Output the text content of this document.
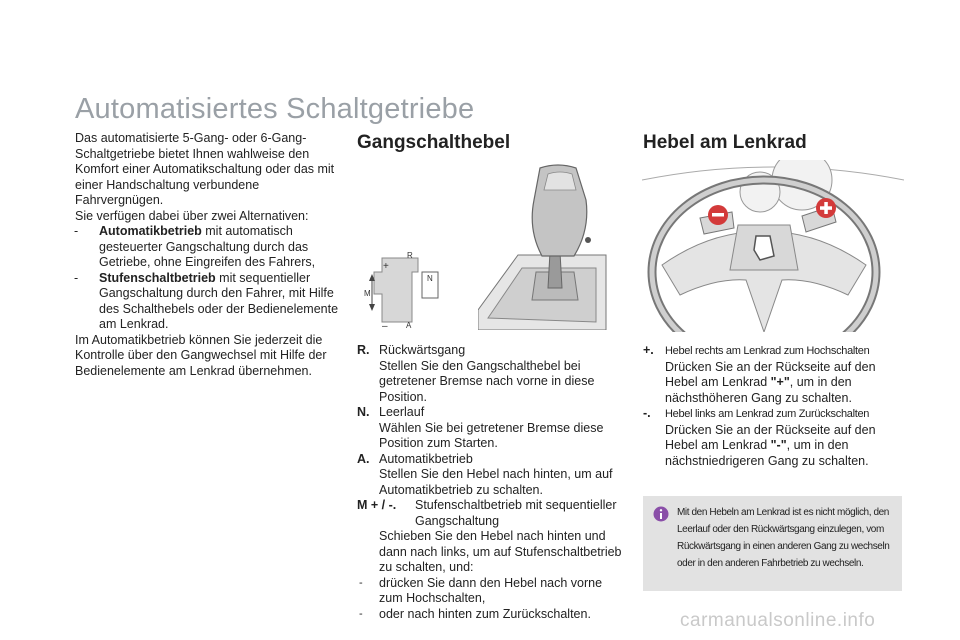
Automatisiertes Schaltgetriebe

Das automatisierte 5-Gang- oder 6-Gang-Schaltgetriebe bietet Ihnen wahlweise den Komfort einer Automatikschaltung oder das mit einer Handschaltung verbundene Fahrvergnügen.

Sie verfügen dabei über zwei Alternativen:

- Automatikbetrieb mit automatisch gesteuerter Gangschaltung durch das Getriebe, ohne Eingreifen des Fahrers,

- Stufenschaltbetrieb mit sequentieller Gangschaltung durch den Fahrer, mit Hilfe des Schalthebels oder der Bedienelemente am Lenkrad.

Im Automatikbetrieb können Sie jederzeit die Kontrolle über den Gangwechsel mit Hilfe der Bedienelemente am Lenkrad übernehmen.

Gangschalthebel
R
N
A
M
+
–

R. Rückwärtsgang

Stellen Sie den Gangschalthebel bei getretener Bremse nach vorne in diese Position.

N. Leerlauf

Wählen Sie bei getretener Bremse diese Position zum Starten.

A. Automatikbetrieb

Stellen Sie den Hebel nach hinten, um auf Automatikbetrieb zu schalten.

M + / -. Stufenschaltbetrieb mit sequentieller Gangschaltung

Schieben Sie den Hebel nach hinten und dann nach links, um auf Stufenschaltbetrieb zu schalten, und:

- drücken Sie dann den Hebel nach vorne zum Hochschalten,

- oder nach hinten zum Zurückschalten.

Hebel am Lenkrad

+. Hebel rechts am Lenkrad zum Hochschalten

Drücken Sie an der Rückseite auf den Hebel am Lenkrad "+", um in den nächsthöheren Gang zu schalten.

-. Hebel links am Lenkrad zum Zurückschalten

Drücken Sie an der Rückseite auf den Hebel am Lenkrad "-", um in den nächstniedrigeren Gang zu schalten.

Mit den Hebeln am Lenkrad ist es nicht möglich, den Leerlauf oder den Rückwärtsgang einzulegen, vom Rückwärtsgang in einen anderen Gang zu wechseln oder in den anderen Fahrbetrieb zu wechseln.
carmanualsonline.info
